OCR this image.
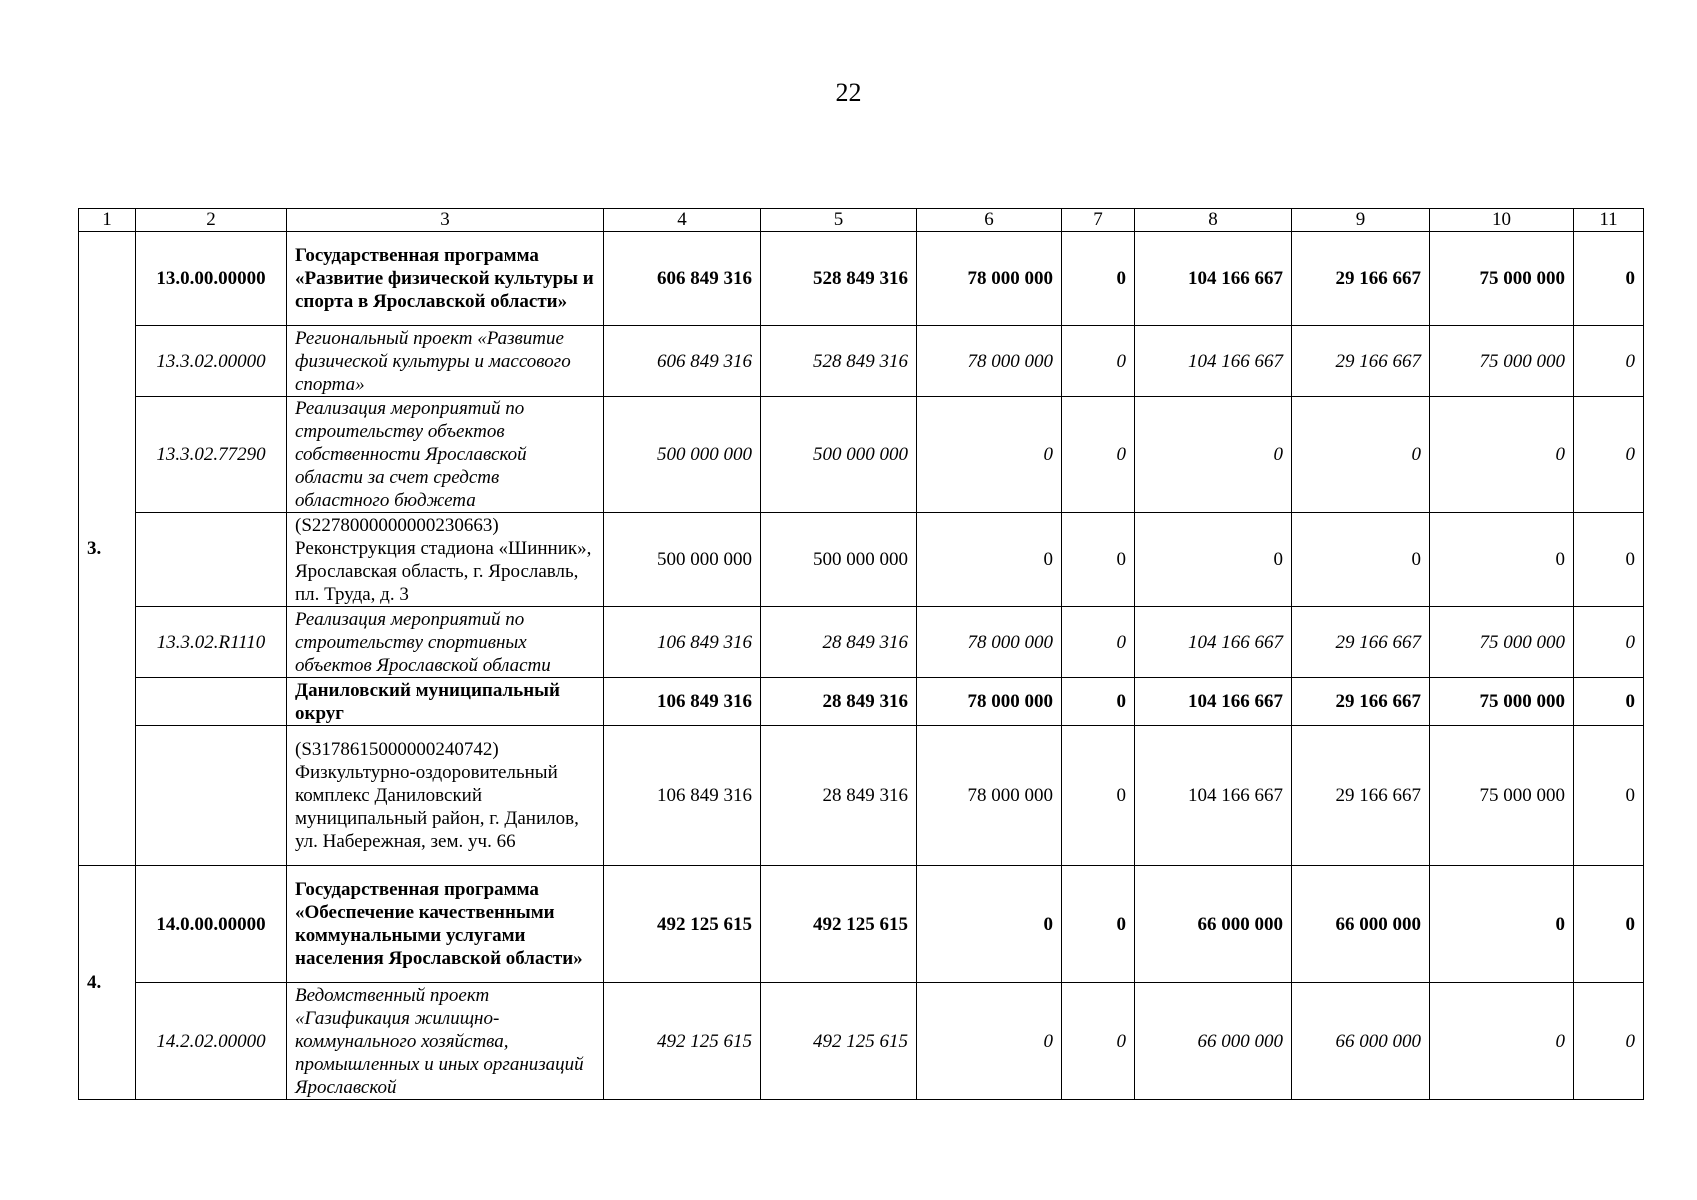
22
1	2	3	4	5	6	7	8	9	10	11
3.	13.0.00.00000	Государственная программа «Развитие физической культуры и спорта в Ярославской области»	606 849 316	528 849 316	78 000 000	0	104 166 667	29 166 667	75 000 000	0
	13.3.02.00000	Региональный проект «Развитие физической культуры и массового спорта»	606 849 316	528 849 316	78 000 000	0	104 166 667	29 166 667	75 000 000	0
	13.3.02.77290	Реализация мероприятий по строительству объектов собственности Ярославской области за счет средств областного бюджета	500 000 000	500 000 000	0	0	0	0	0	0
		(S2278000000000230663) Реконструкция стадиона «Шинник», Ярославская область, г. Ярославль, пл. Труда, д. 3	500 000 000	500 000 000	0	0	0	0	0	0
	13.3.02.R1110	Реализация мероприятий по строительству спортивных объектов Ярославской области	106 849 316	28 849 316	78 000 000	0	104 166 667	29 166 667	75 000 000	0
		Даниловский муниципальный округ	106 849 316	28 849 316	78 000 000	0	104 166 667	29 166 667	75 000 000	0
		(S3178615000000240742) Физкультурно-оздоровительный комплекс Даниловский муниципальный район, г. Данилов, ул. Набережная, зем. уч. 66	106 849 316	28 849 316	78 000 000	0	104 166 667	29 166 667	75 000 000	0
4.	14.0.00.00000	Государственная программа «Обеспечение качественными коммунальными услугами населения Ярославской области»	492 125 615	492 125 615	0	0	66 000 000	66 000 000	0	0
	14.2.02.00000	Ведомственный проект «Газификация жилищно-коммунального хозяйства, промышленных и иных организаций Ярославской	492 125 615	492 125 615	0	0	66 000 000	66 000 000	0	0
